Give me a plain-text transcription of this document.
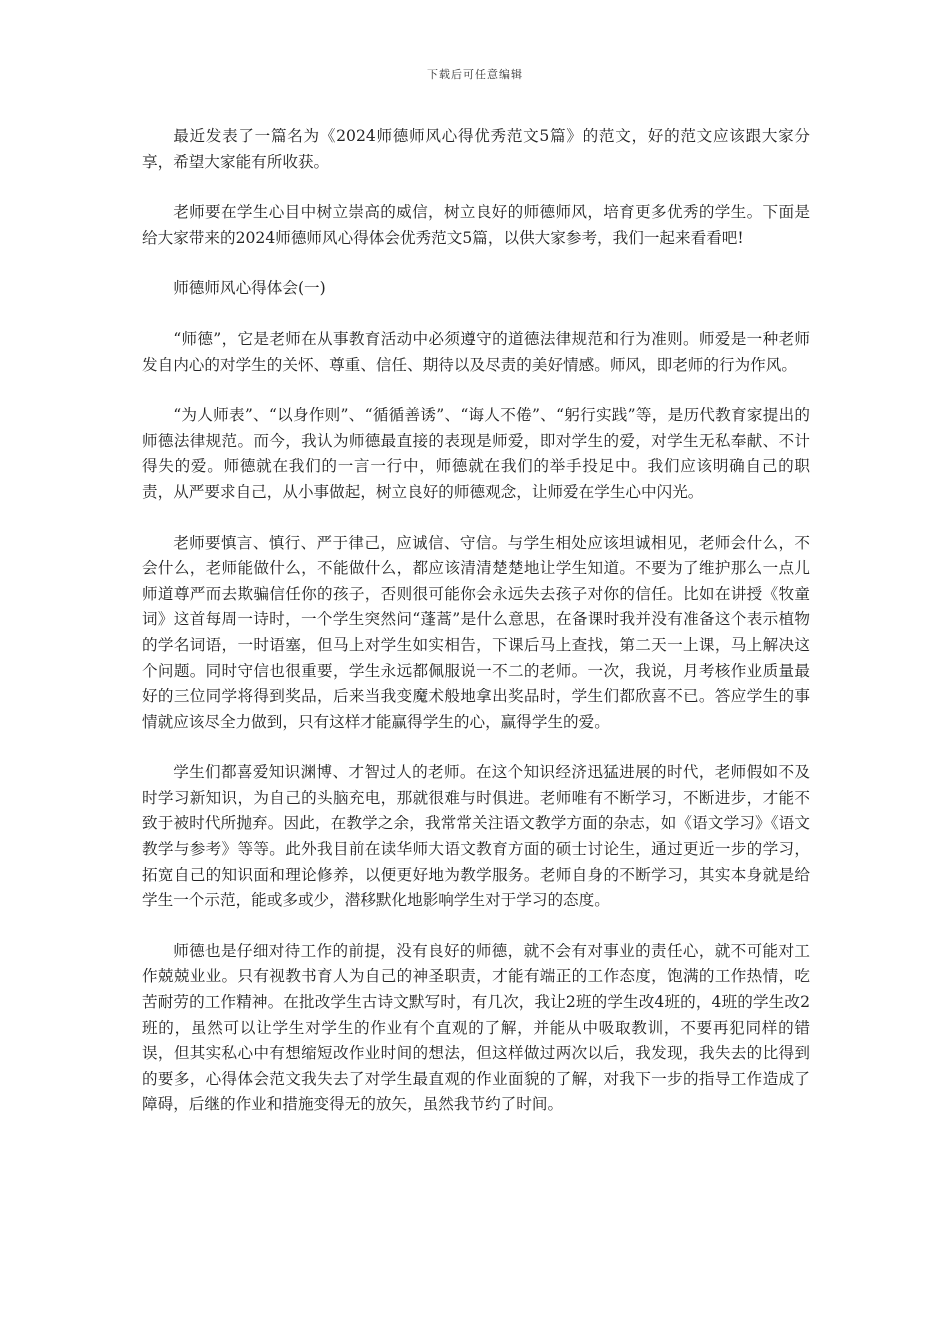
下载后可任意编辑

最近发表了一篇名为《2024师德师风心得优秀范文5篇》的范文，好的范文应该跟大家分享，希望大家能有所收获。

老师要在学生心目中树立崇高的威信，树立良好的师德师风，培育更多优秀的学生。下面是给大家带来的2024师德师风心得体会优秀范文5篇，以供大家参考，我们一起来看看吧!

师德师风心得体会(一)

“师德”，它是老师在从事教育活动中必须遵守的道德法律规范和行为准则。师爱是一种老师发自内心的对学生的关怀、尊重、信任、期待以及尽责的美好情感。师风，即老师的行为作风。

“为人师表”、“以身作则”、“循循善诱”、“诲人不倦”、“躬行实践”等，是历代教育家提出的师德法律规范。而今，我认为师德最直接的表现是师爱，即对学生的爱，对学生无私奉献、不计得失的爱。师德就在我们的一言一行中，师德就在我们的举手投足中。我们应该明确自己的职责，从严要求自己，从小事做起，树立良好的师德观念，让师爱在学生心中闪光。

老师要慎言、慎行、严于律己，应诚信、守信。与学生相处应该坦诚相见，老师会什么，不会什么，老师能做什么，不能做什么，都应该清清楚楚地让学生知道。不要为了维护那么一点儿师道尊严而去欺骗信任你的孩子，否则很可能你会永远失去孩子对你的信任。比如在讲授《牧童词》这首每周一诗时，一个学生突然问“蓬蒿”是什么意思，在备课时我并没有准备这个表示植物的学名词语，一时语塞，但马上对学生如实相告，下课后马上查找，第二天一上课，马上解决这个问题。同时守信也很重要，学生永远都佩服说一不二的老师。一次，我说，月考核作业质量最好的三位同学将得到奖品，后来当我变魔术般地拿出奖品时，学生们都欣喜不已。答应学生的事情就应该尽全力做到，只有这样才能赢得学生的心，赢得学生的爱。

学生们都喜爱知识渊博、才智过人的老师。在这个知识经济迅猛进展的时代，老师假如不及时学习新知识，为自己的头脑充电，那就很难与时俱进。老师唯有不断学习，不断进步，才能不致于被时代所抛弃。因此，在教学之余，我常常关注语文教学方面的杂志，如《语文学习》《语文教学与参考》等等。此外我目前在读华师大语文教育方面的硕士讨论生，通过更近一步的学习，拓宽自己的知识面和理论修养，以便更好地为教学服务。老师自身的不断学习，其实本身就是给学生一个示范，能或多或少，潜移默化地影响学生对于学习的态度。

师德也是仔细对待工作的前提，没有良好的师德，就不会有对事业的责任心，就不可能对工作兢兢业业。只有视教书育人为自己的神圣职责，才能有端正的工作态度，饱满的工作热情，吃苦耐劳的工作精神。在批改学生古诗文默写时，有几次，我让2班的学生改4班的，4班的学生改2班的，虽然可以让学生对学生的作业有个直观的了解，并能从中吸取教训，不要再犯同样的错误，但其实私心中有想缩短改作业时间的想法，但这样做过两次以后，我发现，我失去的比得到的要多，心得体会范文我失去了对学生最直观的作业面貌的了解，对我下一步的指导工作造成了障碍，后继的作业和措施变得无的放矢，虽然我节约了时间。
